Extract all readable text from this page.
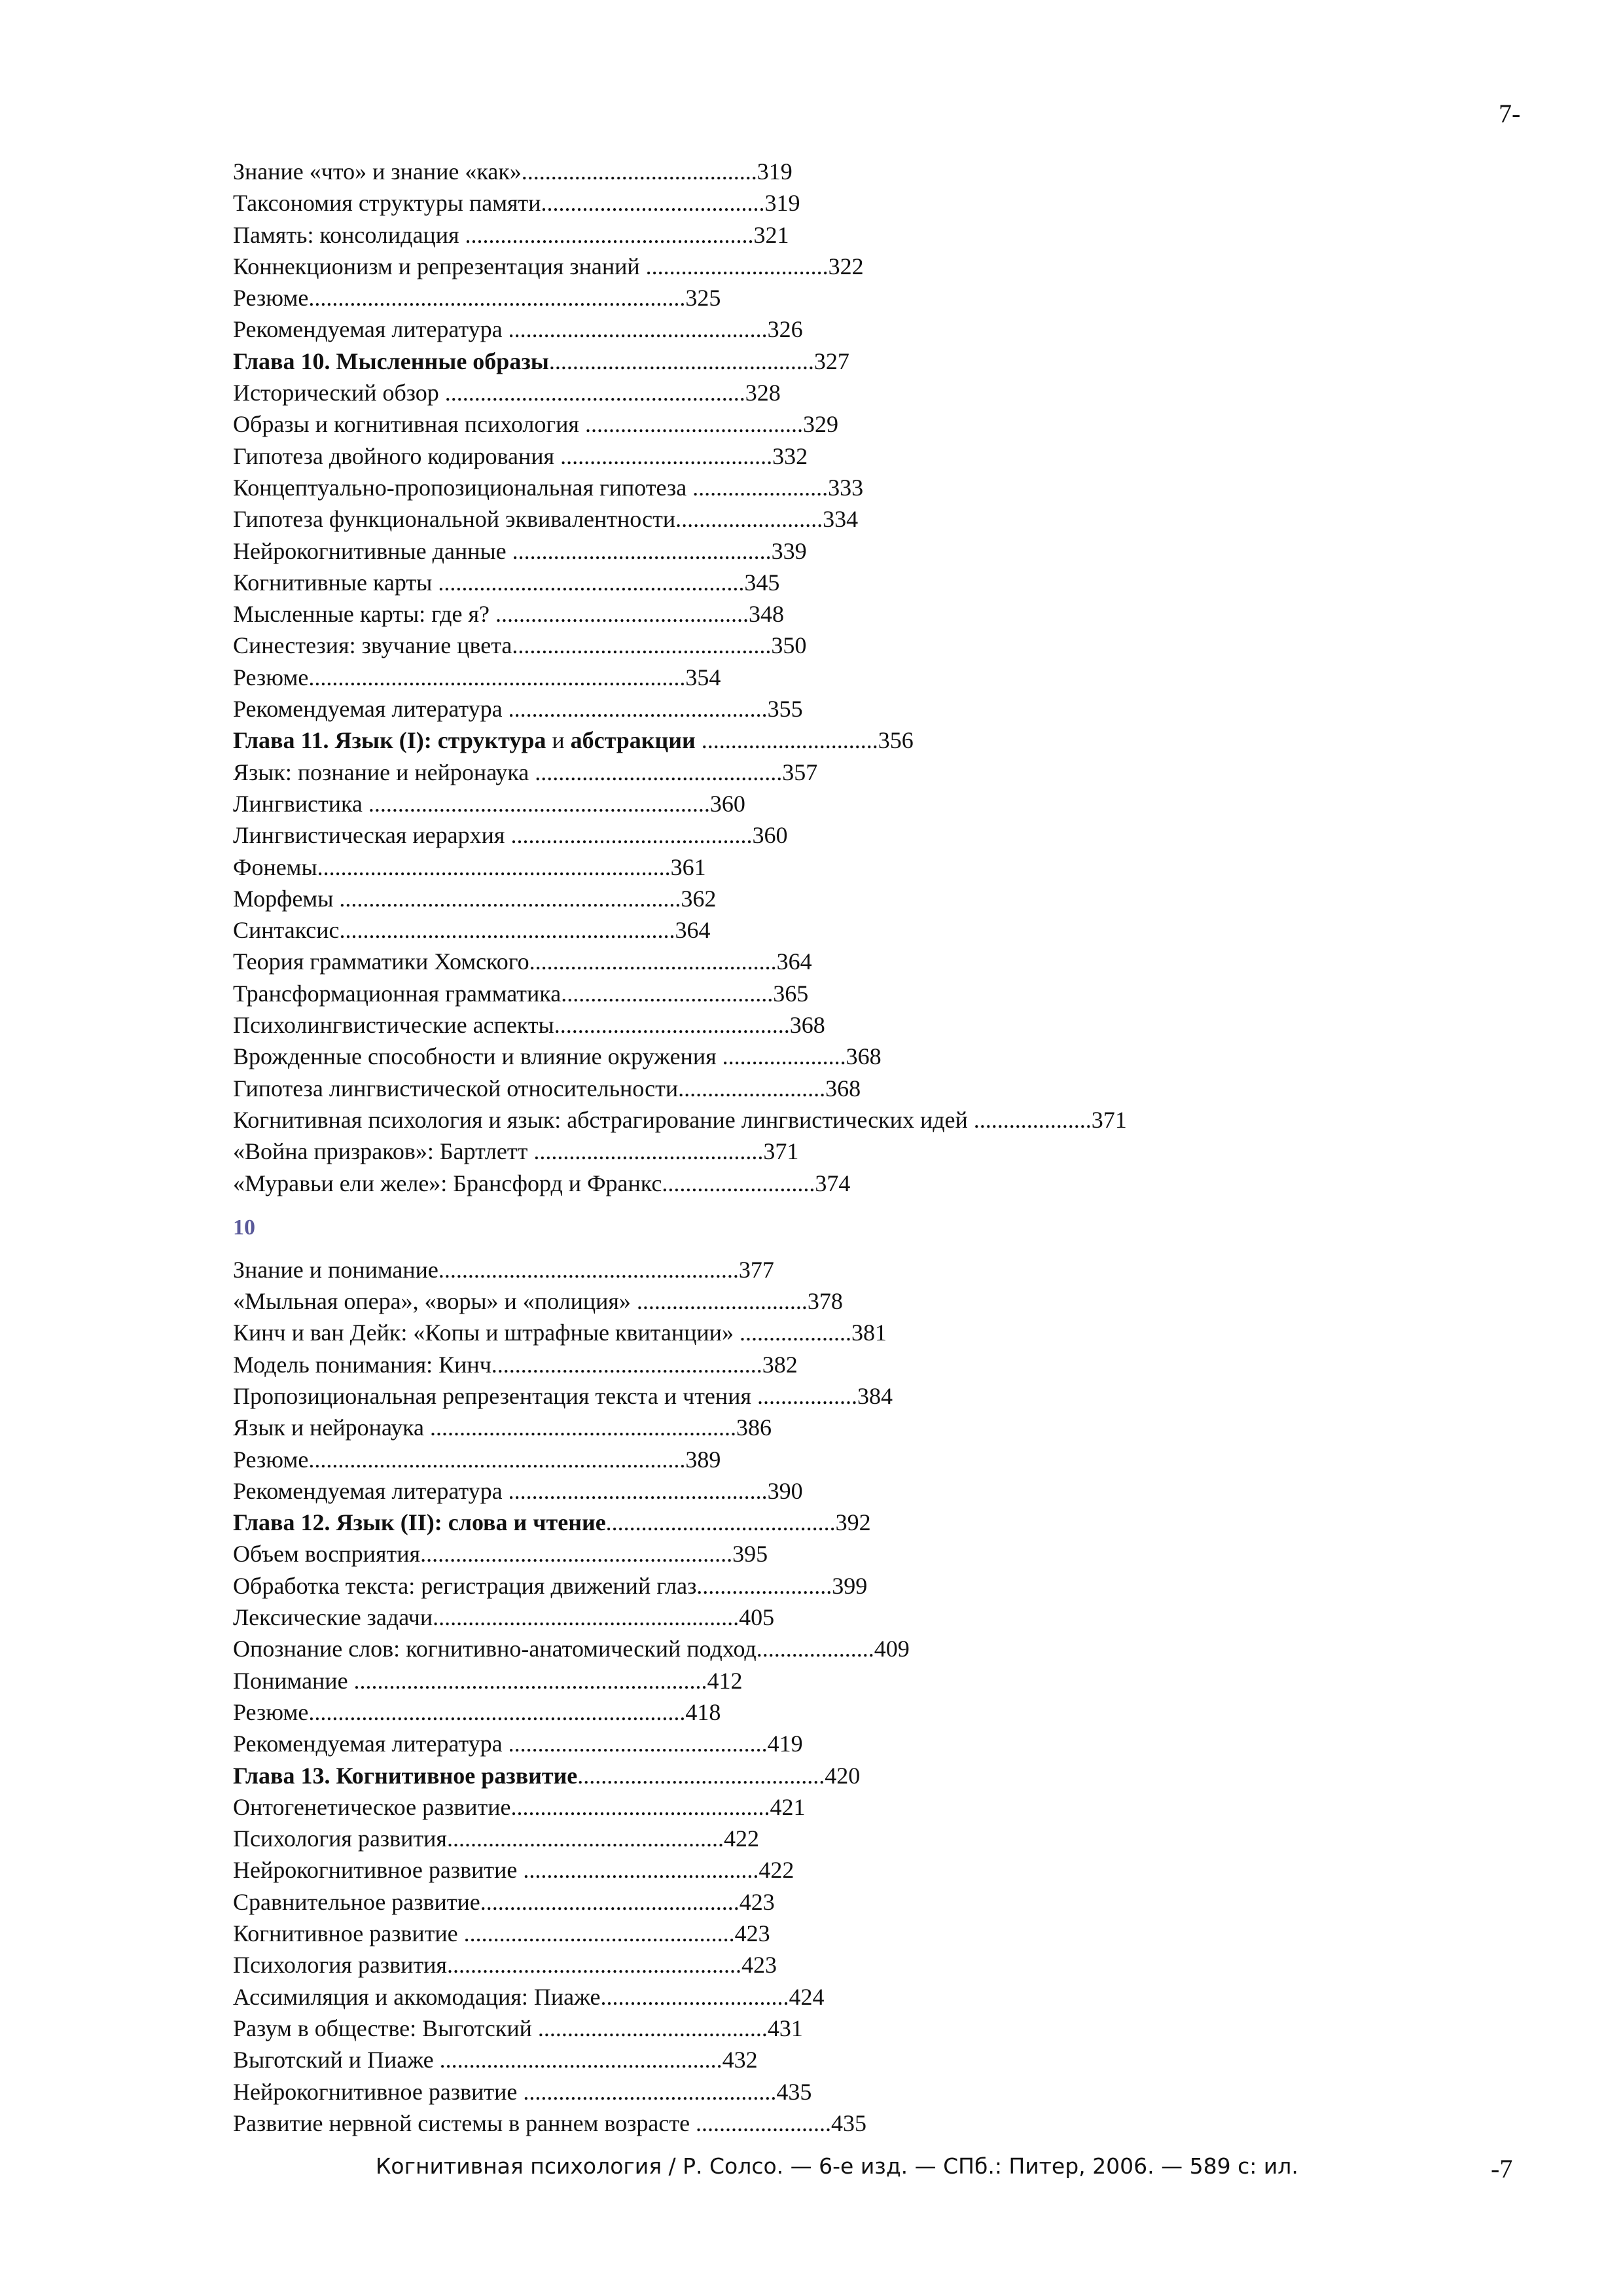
7-
Знание «что» и знание «как»........................................319
Таксономия структуры памяти......................................319
Память: консолидация .................................................321
Коннекционизм и репрезентация знаний ...............................322
Резюме................................................................325
Рекомендуемая литература ............................................326
Глава 10. Мысленные образы.............................................327
Исторический обзор ...................................................328
Образы и когнитивная психология .....................................329
Гипотеза двойного кодирования ....................................332
Концептуально-пропозициональная гипотеза .......................333
Гипотеза функциональной эквивалентности.........................334
Нейрокогнитивные данные ............................................339
Когнитивные карты ....................................................345
Мысленные карты: где я? ...........................................348
Синестезия: звучание цвета............................................350
Резюме................................................................354
Рекомендуемая литература ............................................355
Глава 11. Язык (I): структура и абстракции ..............................356
Язык: познание и нейронаука ..........................................357
Лингвистика ..........................................................360
Лингвистическая иерархия .........................................360
Фонемы............................................................361
Морфемы ..........................................................362
Синтаксис.........................................................364
Теория грамматики Хомского..........................................364
Трансформационная грамматика....................................365
Психолингвистические аспекты........................................368
Врожденные способности и влияние окружения .....................368
Гипотеза лингвистической относительности.........................368
Когнитивная психология и язык: абстрагирование лингвистических идей ....................371
«Война призраков»: Бартлетт .......................................371
«Муравьи ели желе»: Брансфорд и Франкс..........................374
10
Знание и понимание...................................................377
«Мыльная опера», «воры» и «полиция» .............................378
Кинч и ван Дейк: «Копы и штрафные квитанции» ...................381
Модель понимания: Кинч..............................................382
Пропозициональная репрезентация текста и чтения .................384
Язык и нейронаука ....................................................386
Резюме................................................................389
Рекомендуемая литература ............................................390
Глава 12. Язык (II): слова и чтение.......................................392
Объем восприятия.....................................................395
Обработка текста: регистрация движений глаз.......................399
Лексические задачи....................................................405
Опознание слов: когнитивно-анатомический подход....................409
Понимание ............................................................412
Резюме................................................................418
Рекомендуемая литература ............................................419
Глава 13. Когнитивное развитие..........................................420
Онтогенетическое развитие............................................421
Психология развития...............................................422
Нейрокогнитивное развитие ........................................422
Сравнительное развитие............................................423
Когнитивное развитие ..............................................423
Психология развития..................................................423
Ассимиляция и аккомодация: Пиаже................................424
Разум в обществе: Выготский .......................................431
Выготский и Пиаже ................................................432
Нейрокогнитивное развитие ...........................................435
Развитие нервной системы в раннем возрасте .......................435
Когнитивная психология / Р. Солсо. — 6-е изд. — СПб.: Питер, 2006. — 589 с: ил.	-7
